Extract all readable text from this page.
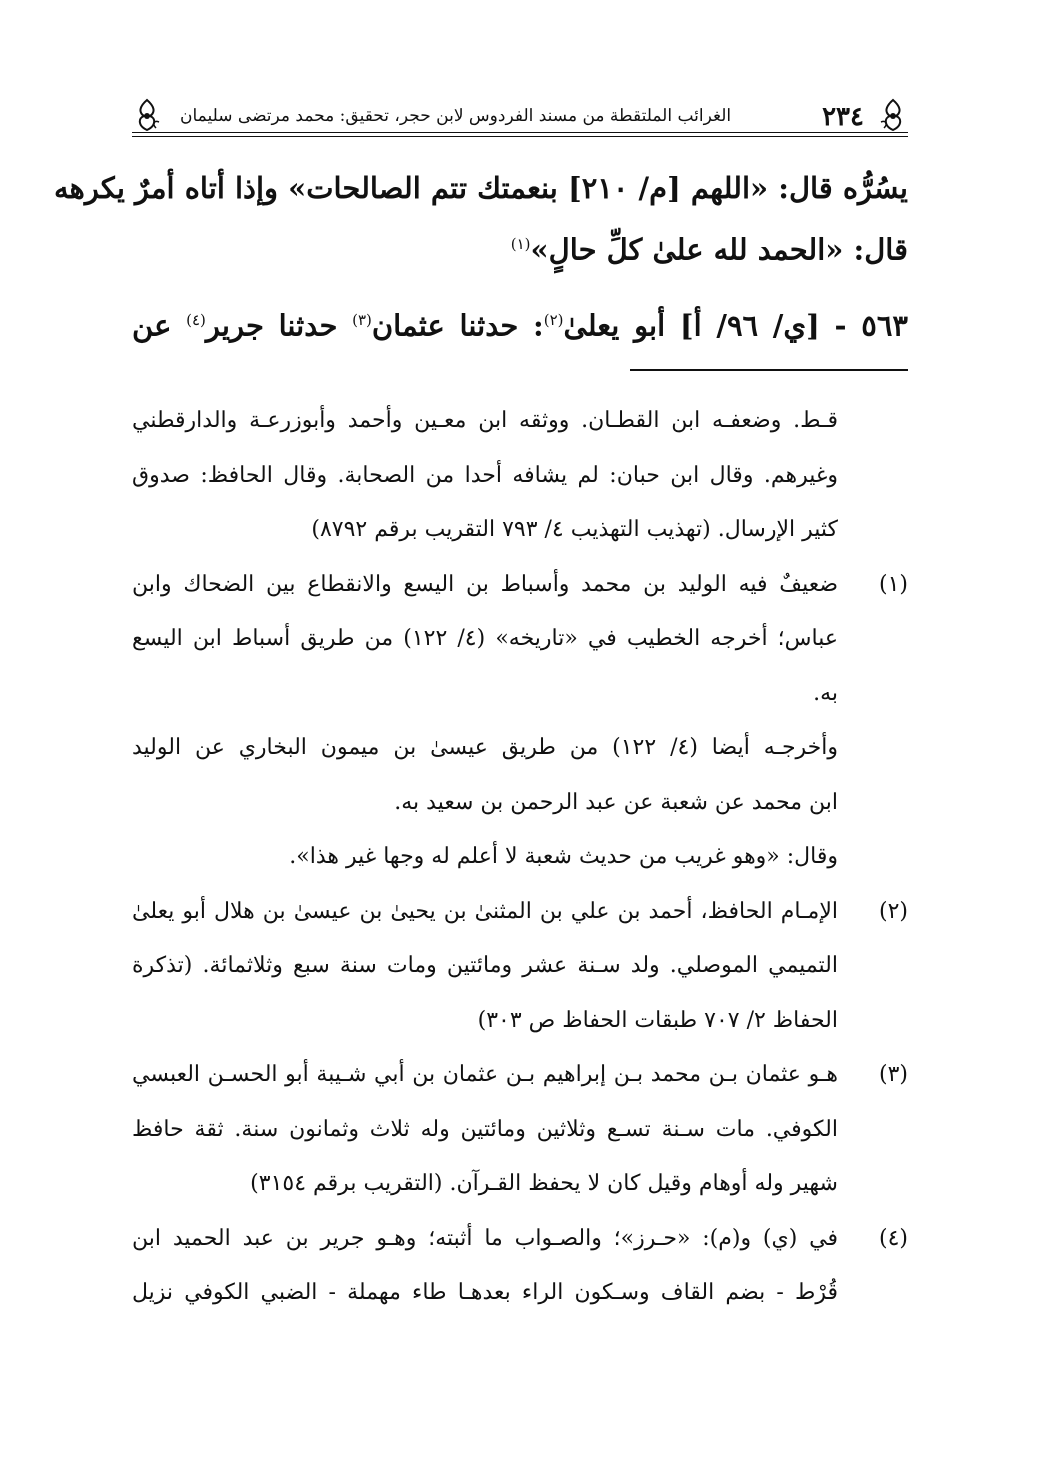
٢٣٤
الغرائب الملتقطة من مسند الفردوس لابن حجر، تحقيق: محمد مرتضى سليمان
يسُرُّه قال: «اللهم [م/ ٢١٠] بنعمتك تتم الصالحات» وإذا أتاه أمرٌ يكرهه
قال: «الحمد لله علىٰ كلِّ حالٍ»$^{(١)}$
٥٦٣ - [ي/ ٩٦/ أ] أبو يعلىٰ$^{(٢)}$: حدثنا عثمان$^{(٣)}$ حدثنا جرير$^{(٤)}$ عن
قـط. وضعفـه ابن القطـان. ووثقه ابن معـين وأحمد وأبوزرعـة والدارقطني
وغيرهم. وقال ابن حبان: لم يشافه أحدا من الصحابة. وقال الحافظ: صدوق
كثير الإرسال. (تهذيب التهذيب ٤/ ٧٩٣ التقريب برقم ٨٧٩٢)
(١)
ضعيفٌ فيه الوليد بن محمد وأسباط بن اليسع والانقطاع بين الضحاك وابن
عباس؛ أخرجه الخطيب في «تاريخه» (٤/ ١٢٢) من طريق أسباط ابن اليسع
به.
وأخرجـه أيضا (٤/ ١٢٢) من طريق عيسىٰ بن ميمون البخاري عن الوليد
ابن محمد عن شعبة عن عبد الرحمن بن سعيد به.
وقال: «وهو غريب من حديث شعبة لا أعلم له وجها غير هذا».
(٢)
الإمـام الحافظ، أحمد بن علي بن المثنىٰ بن يحيىٰ بن عيسىٰ بن هلال أبو يعلىٰ
التميمي الموصلي. ولد سـنة عشر ومائتين ومات سنة سبع وثلاثمائة. (تذكرة
الحفاظ ٢/ ٧٠٧ طبقات الحفاظ ص ٣٠٣)
(٣)
هـو عثمان بـن محمد بـن إبراهيم بـن عثمان بن أبي شـيبة أبو الحسـن العبسي
الكوفي. مات سـنة تسـع وثلاثين ومائتين وله ثلاث وثمانون سنة. ثقة حافظ
شهير وله أوهام وقيل كان لا يحفظ القـرآن. (التقريب برقم ٣١٥٤)
(٤)
في (ي) و(م): «حـرز»؛ والصـواب ما أثبته؛ وهـو جرير بن عبد الحميد ابن
قُرْط - بضم القاف وسـكون الراء بعدهـا طاء مهملة - الضبي الكوفي نزيل
